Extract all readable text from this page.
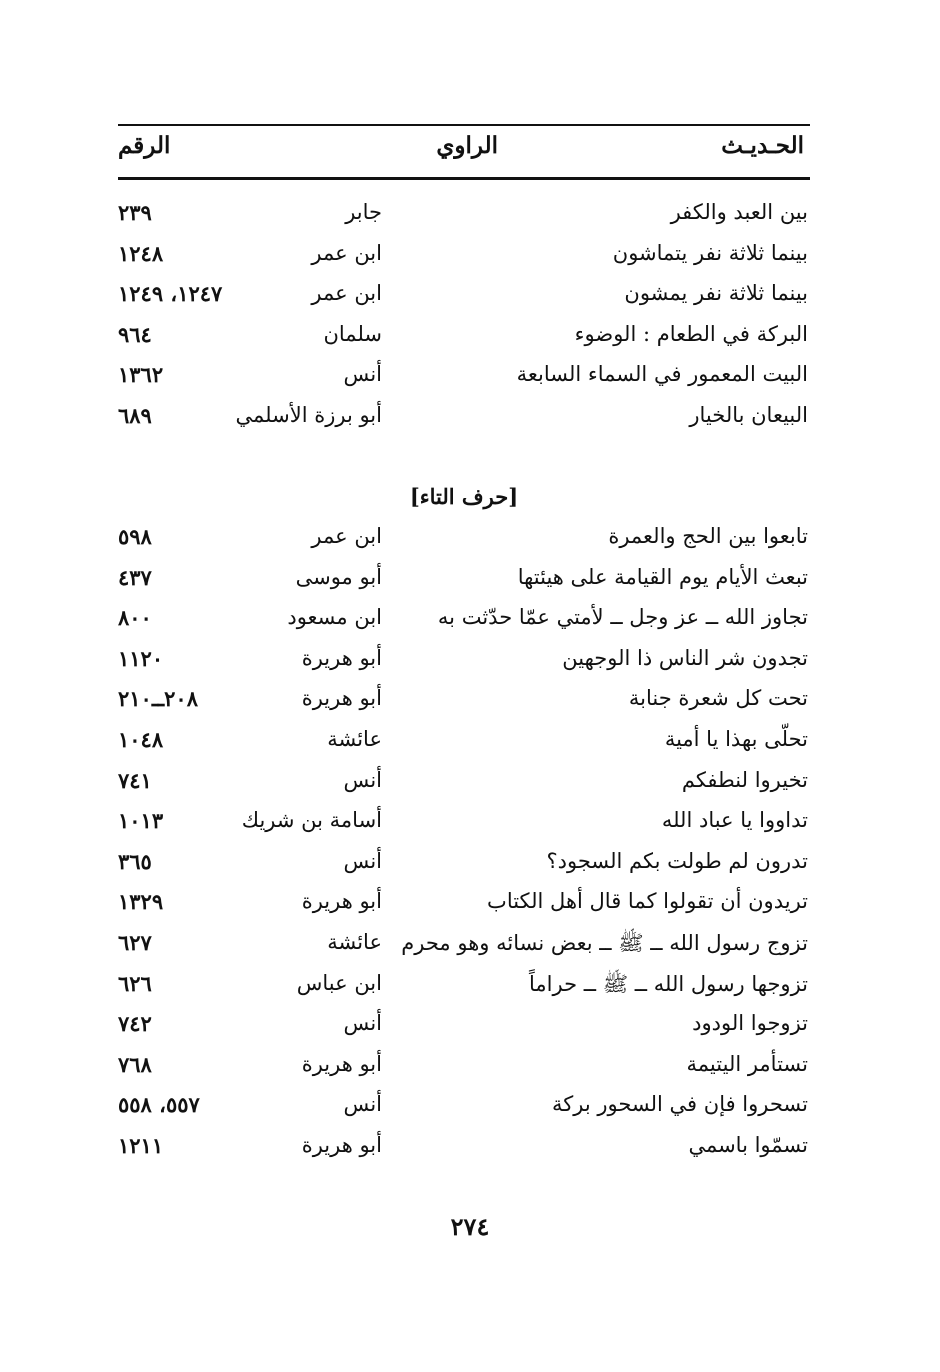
الحـديـث
الراوي
الرقم
بين العبد والكفر
جابر
٢٣٩
بينما ثلاثة نفر يتماشون
ابن عمر
١٢٤٨
بينما ثلاثة نفر يمشون
ابن عمر
١٢٤٧، ١٢٤٩
البركة في الطعام : الوضوء
سلمان
٩٦٤
البيت المعمور في السماء السابعة
أنس
١٣٦٢
البيعان بالخيار
أبو برزة الأسلمي
٦٨٩
[حرف التاء]
تابعوا بين الحج والعمرة
ابن عمر
٥٩٨
تبعث الأيام يوم القيامة على هيئتها
أبو موسى
٤٣٧
تجاوز الله ــ عز وجل ــ لأمتي عمّا حدّثت به
ابن مسعود
٨٠٠
تجدون شر الناس ذا الوجهين
أبو هريرة
١١٢٠
تحت كل شعرة جنابة
أبو هريرة
٢٠٨ــ٢١٠
تحلّى بهذا يا أمية
عائشة
١٠٤٨
تخيروا لنطفكم
أنس
٧٤١
تداووا يا عباد الله
أسامة بن شريك
١٠١٣
تدرون لم طولت بكم السجود؟
أنس
٣٦٥
تريدون أن تقولوا كما قال أهل الكتاب
أبو هريرة
١٣٢٩
تزوج رسول الله ــ ﷺ ــ بعض نسائه وهو محرم
عائشة
٦٢٧
تزوجها رسول الله ــ ﷺ ــ حراماً
ابن عباس
٦٢٦
تزوجوا الودود
أنس
٧٤٢
تستأمر اليتيمة
أبو هريرة
٧٦٨
تسحروا فإن في السحور بركة
أنس
٥٥٧، ٥٥٨
تسمّوا باسمي
أبو هريرة
١٢١١
٢٧٤
